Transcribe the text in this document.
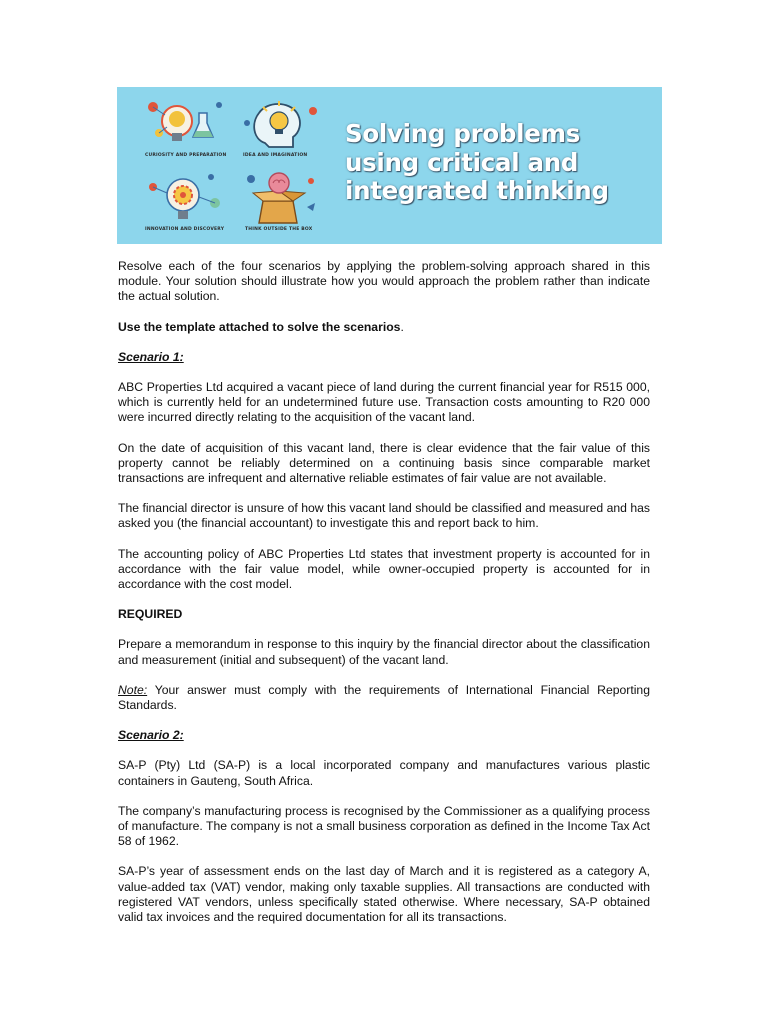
CURIOSITY AND PREPARATION	IDEA AND IMAGINATION
INNOVATION AND DISCOVERY	THINK OUTSIDE THE BOX
Solving problems using critical and integrated thinking

Resolve each of the four scenarios by applying the problem-solving approach shared in this module. Your solution should illustrate how you would approach the problem rather than indicate the actual solution.

Use the template attached to solve the scenarios.

Scenario 1:

ABC Properties Ltd acquired a vacant piece of land during the current financial year for R515 000, which is currently held for an undetermined future use. Transaction costs amounting to R20 000 were incurred directly relating to the acquisition of the vacant land.

On the date of acquisition of this vacant land, there is clear evidence that the fair value of this property cannot be reliably determined on a continuing basis since comparable market transactions are infrequent and alternative reliable estimates of fair value are not available.

The financial director is unsure of how this vacant land should be classified and measured and has asked you (the financial accountant) to investigate this and report back to him.

The accounting policy of ABC Properties Ltd states that investment property is accounted for in accordance with the fair value model, while owner-occupied property is accounted for in accordance with the cost model.

REQUIRED

Prepare a memorandum in response to this inquiry by the financial director about the classification and measurement (initial and subsequent) of the vacant land.

Note: Your answer must comply with the requirements of International Financial Reporting Standards.

Scenario 2:

SA-P (Pty) Ltd (SA-P) is a local incorporated company and manufactures various plastic containers in Gauteng, South Africa.

The company’s manufacturing process is recognised by the Commissioner as a qualifying process of manufacture. The company is not a small business corporation as defined in the Income Tax Act 58 of 1962.

SA-P’s year of assessment ends on the last day of March and it is registered as a category A, value-added tax (VAT) vendor, making only taxable supplies. All transactions are conducted with registered VAT vendors, unless specifically stated otherwise. Where necessary, SA-P obtained valid tax invoices and the required documentation for all its transactions.
